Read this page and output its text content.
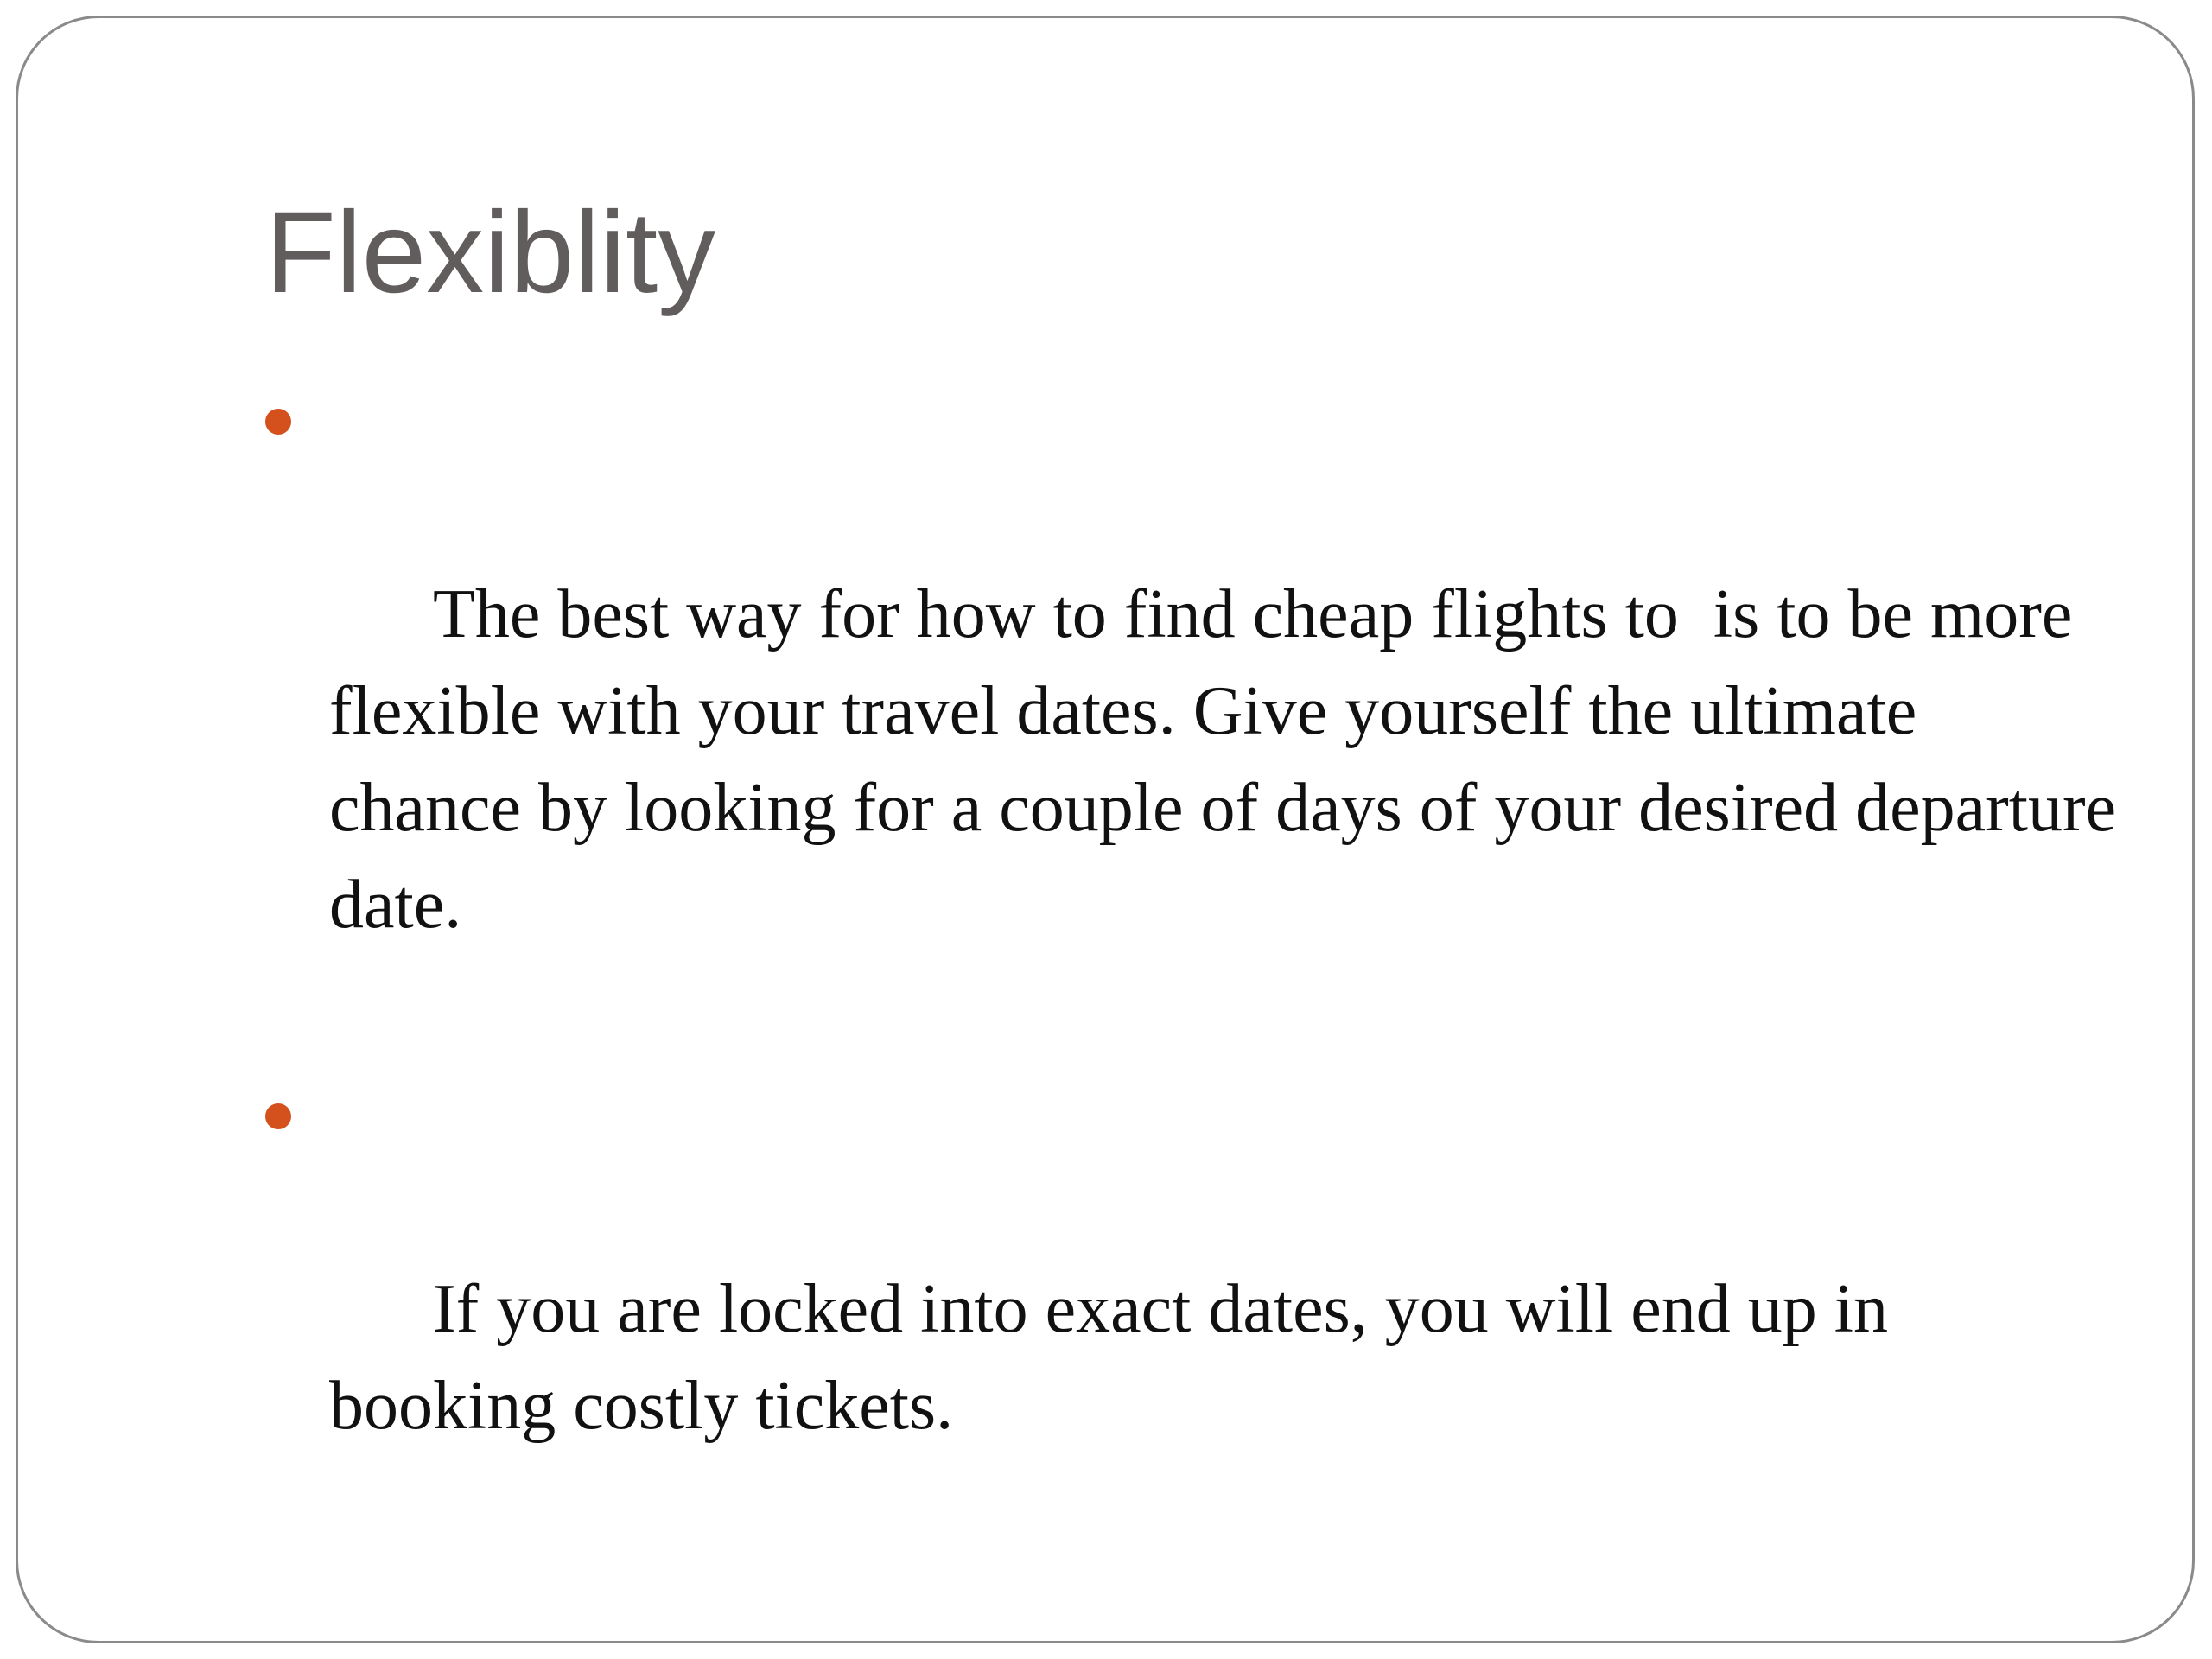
Flexiblity

The best way for how to find cheap flights to  is to be more flexible with your travel dates. Give yourself the ultimate chance by looking for a couple of days of your desired departure date.

If you are locked into exact dates, you will end up in booking costly tickets.
